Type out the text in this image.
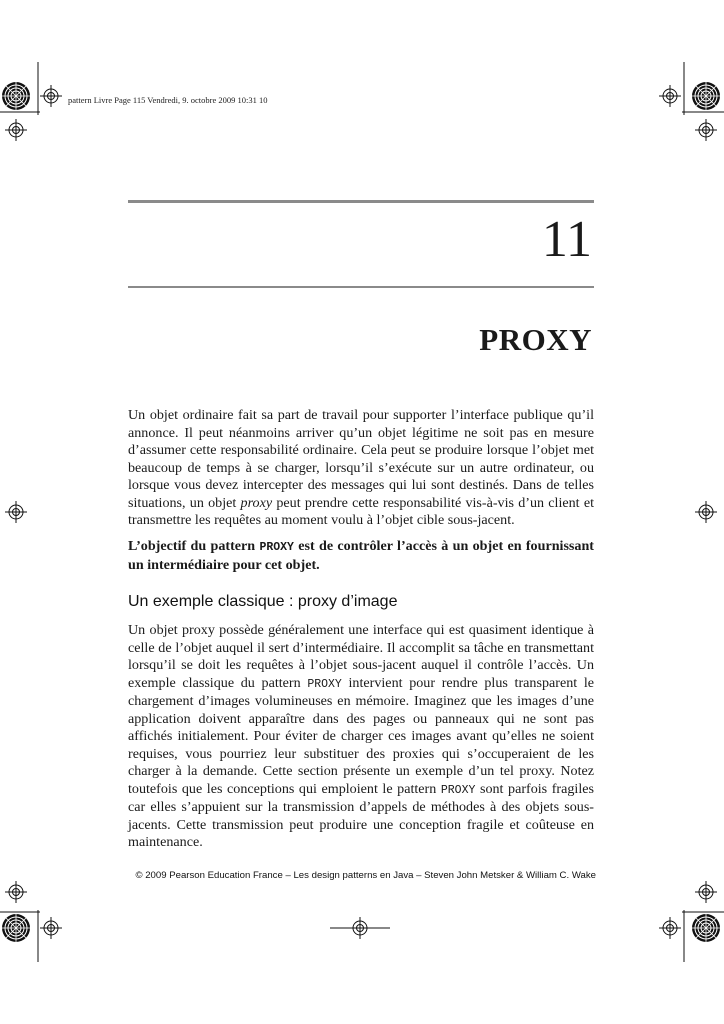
pattern Livre Page 115 Vendredi, 9. octobre 2009 10:31 10
11
PROXY

Un objet ordinaire fait sa part de travail pour supporter l’interface publique qu’il annonce. Il peut néanmoins arriver qu’un objet légitime ne soit pas en mesure d’assumer cette responsabilité ordinaire. Cela peut se produire lorsque l’objet met beaucoup de temps à se charger, lorsqu’il s’exécute sur un autre ordinateur, ou lorsque vous devez intercepter des messages qui lui sont destinés. Dans de telles situations, un objet proxy peut prendre cette responsabilité vis-à-vis d’un client et transmettre les requêtes au moment voulu à l’objet cible sous-jacent.

L’objectif du pattern PROXY est de contrôler l’accès à un objet en fournissant un intermédiaire pour cet objet.

Un exemple classique : proxy d’image

Un objet proxy possède généralement une interface qui est quasiment identique à celle de l’objet auquel il sert d’intermédiaire. Il accomplit sa tâche en transmettant lorsqu’il se doit les requêtes à l’objet sous-jacent auquel il contrôle l’accès. Un exemple classique du pattern PROXY intervient pour rendre plus transparent le chargement d’images volumineuses en mémoire. Imaginez que les images d’une application doivent apparaître dans des pages ou panneaux qui ne sont pas affichés initialement. Pour éviter de charger ces images avant qu’elles ne soient requises, vous pourriez leur substituer des proxies qui s’occuperaient de les charger à la demande. Cette section présente un exemple d’un tel proxy. Notez toutefois que les conceptions qui emploient le pattern PROXY sont parfois fragiles car elles s’appuient sur la transmission d’appels de méthodes à des objets sous-jacents. Cette transmission peut produire une conception fragile et coûteuse en maintenance.

© 2009 Pearson Education France – Les design patterns en Java – Steven John Metsker & William C. Wake
